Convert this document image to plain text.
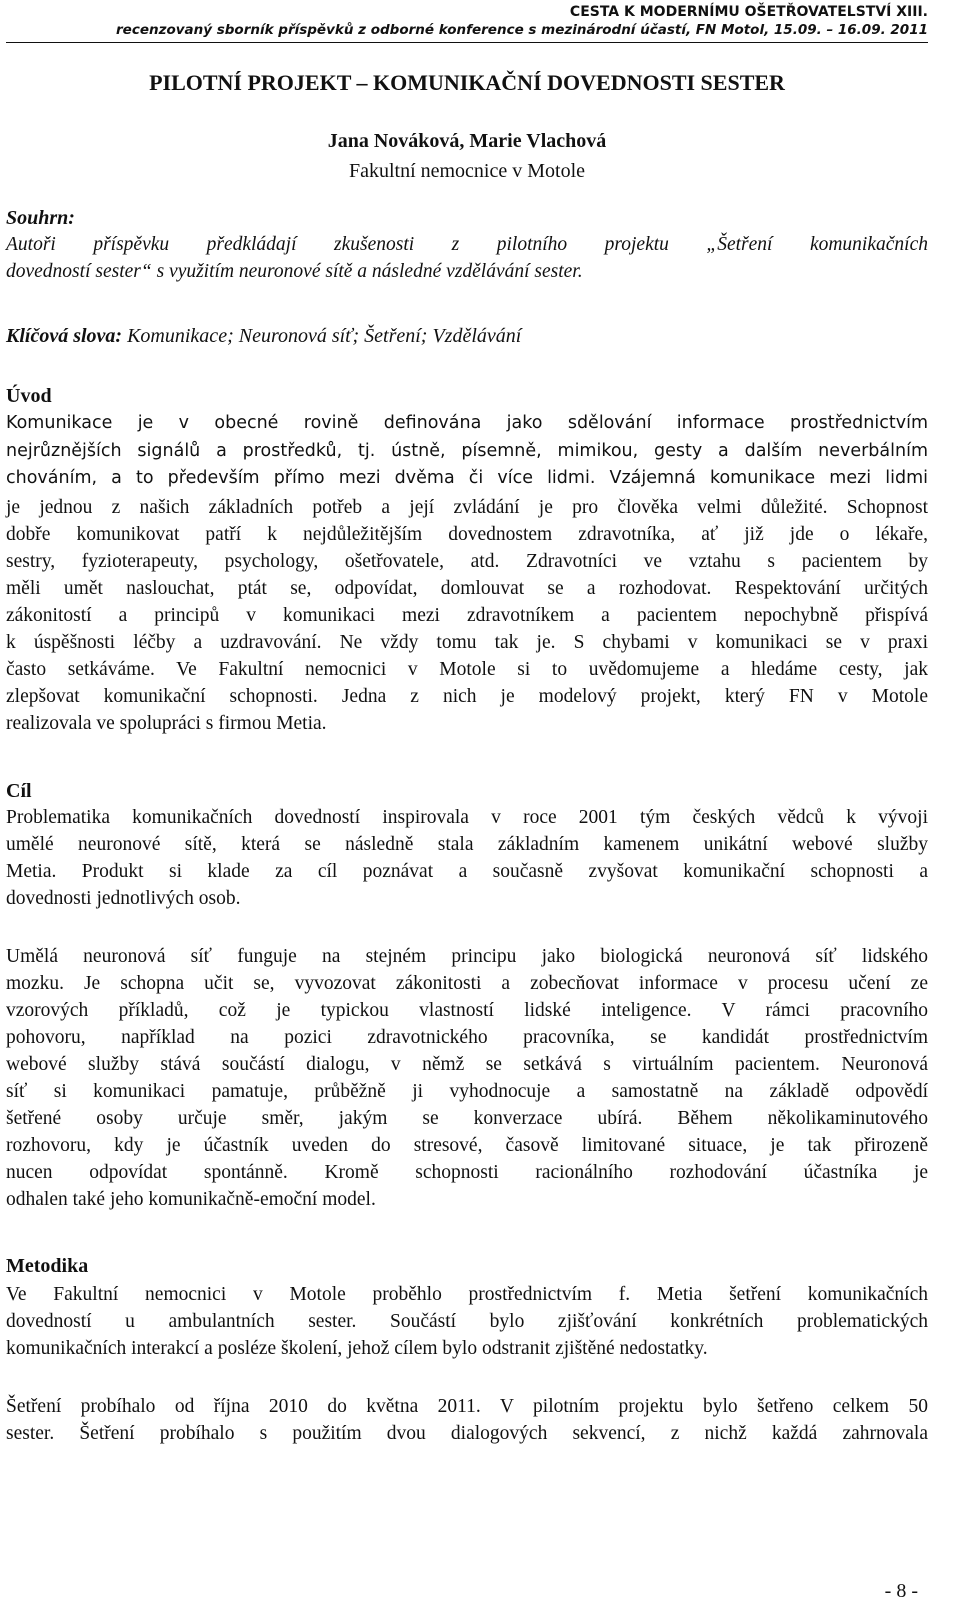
CESTA K MODERNÍMU OŠETŘOVATELSTVÍ XIII.
recenzovaný sborník příspěvků z odborné konference s mezinárodní účastí, FN Motol, 15.09. – 16.09. 2011
PILOTNÍ PROJEKT – KOMUNIKAČNÍ DOVEDNOSTI SESTER
Jana Nováková, Marie Vlachová
Fakultní nemocnice v Motole
Souhrn:
Autoři příspěvku předkládají zkušenosti z pilotního projektu „Šetření komunikačních
dovedností sester“ s využitím neuronové sítě a následné vzdělávání sester.
Klíčová slova: Komunikace; Neuronová síť; Šetření; Vzdělávání
Úvod
Komunikace je v obecné rovině definována jako sdělování informace prostřednictvím
nejrůznějších signálů a prostředků, tj. ústně, písemně, mimikou, gesty a dalším neverbálním
chováním, a to především přímo mezi dvěma či více lidmi. Vzájemná komunikace mezi lidmi
je jednou z našich základních potřeb a její zvládání je pro člověka velmi důležité. Schopnost
dobře komunikovat patří k nejdůležitějším dovednostem zdravotníka, ať již jde o lékaře,
sestry, fyzioterapeuty, psychology, ošetřovatele, atd. Zdravotníci ve vztahu s pacientem by
měli umět naslouchat, ptát se, odpovídat, domlouvat se a rozhodovat. Respektování určitých
zákonitostí a principů v komunikaci mezi zdravotníkem a pacientem nepochybně přispívá
k úspěšnosti léčby a uzdravování. Ne vždy tomu tak je. S chybami v komunikaci se v praxi
často setkáváme. Ve Fakultní nemocnici v Motole si to uvědomujeme a hledáme cesty, jak
zlepšovat komunikační schopnosti. Jedna z nich je modelový projekt, který FN v Motole
realizovala ve spolupráci s firmou Metia.
Cíl
Problematika komunikačních dovedností inspirovala v roce 2001 tým českých vědců k vývoji
umělé neuronové sítě, která se následně stala základním kamenem unikátní webové služby
Metia. Produkt si klade za cíl poznávat a současně zvyšovat komunikační schopnosti a
dovednosti jednotlivých osob.
Umělá neuronová síť funguje na stejném principu jako biologická neuronová síť lidského
mozku. Je schopna učit se, vyvozovat zákonitosti a zobecňovat informace v procesu učení ze
vzorových příkladů, což je typickou vlastností lidské inteligence. V rámci pracovního
pohovoru, například na pozici zdravotnického pracovníka, se kandidát prostřednictvím
webové služby stává součástí dialogu, v němž se setkává s virtuálním pacientem. Neuronová
síť si komunikaci pamatuje, průběžně ji vyhodnocuje a samostatně na základě odpovědí
šetřené osoby určuje směr, jakým se konverzace ubírá. Během několikaminutového
rozhovoru, kdy je účastník uveden do stresové, časově limitované situace, je tak přirozeně
nucen odpovídat spontánně. Kromě schopnosti racionálního rozhodování účastníka je
odhalen také jeho komunikačně-emoční model.
Metodika
Ve Fakultní nemocnici v Motole proběhlo prostřednictvím f. Metia šetření komunikačních
dovedností u ambulantních sester. Součástí bylo zjišťování konkrétních problematických
komunikačních interakcí a posléze školení, jehož cílem bylo odstranit zjištěné nedostatky.
Šetření probíhalo od října 2010 do května 2011. V pilotním projektu bylo šetřeno celkem 50
sester. Šetření probíhalo s použitím dvou dialogových sekvencí, z nichž každá zahrnovala
- 8 -
